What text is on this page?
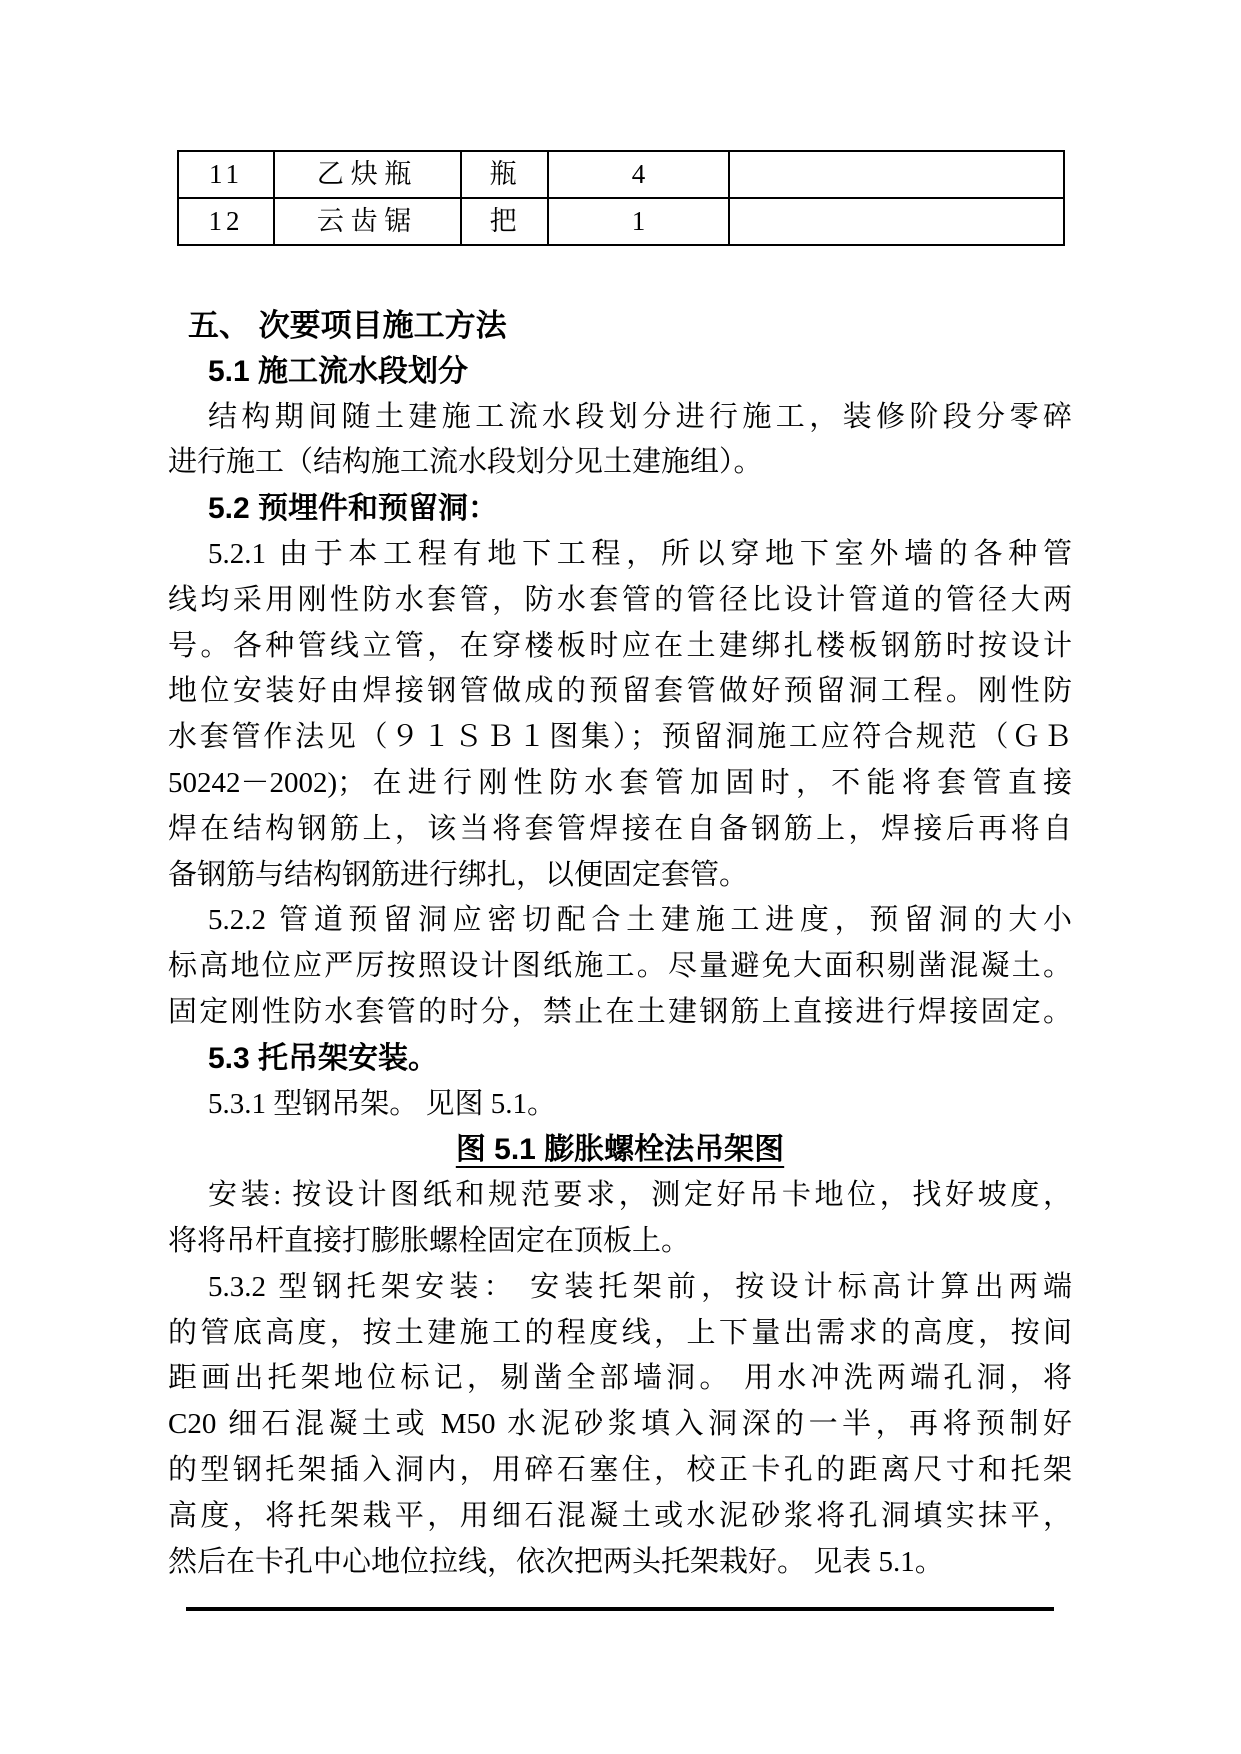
11	乙炔瓶	瓶	4	
12	云齿锯	把	1	
五、 次要项目施工方法
5.1 施工流水段划分
结构期间随土建施工流水段划分进行施工，装修阶段分零碎
进行施工（结构施工流水段划分见土建施组）。
5.2 预埋件和预留洞：
5.2.1 由于本工程有地下工程，所以穿地下室外墙的各种管
线均采用刚性防水套管，防水套管的管径比设计管道的管径大两
号。各种管线立管，在穿楼板时应在土建绑扎楼板钢筋时按设计
地位安装好由焊接钢管做成的预留套管做好预留洞工程。刚性防
水套管作法见（９１ＳＢ１图集）；预留洞施工应符合规范（ＧＢ
50242－2002)；在进行刚性防水套管加固时，不能将套管直接
焊在结构钢筋上，该当将套管焊接在自备钢筋上，焊接后再将自
备钢筋与结构钢筋进行绑扎，以便固定套管。
5.2.2 管道预留洞应密切配合土建施工进度，预留洞的大小
标高地位应严厉按照设计图纸施工。尽量避免大面积剔凿混凝土。
固定刚性防水套管的时分，禁止在土建钢筋上直接进行焊接固定。
5.3 托吊架安装。
5.3.1 型钢吊架。 见图 5.1。
图 5.1 膨胀螺栓法吊架图
安装: 按设计图纸和规范要求，测定好吊卡地位，找好坡度，
将将吊杆直接打膨胀螺栓固定在顶板上。
5.3.2 型钢托架安装： 安装托架前，按设计标高计算出两端
的管底高度，按土建施工的程度线，上下量出需求的高度，按间
距画出托架地位标记，剔凿全部墙洞。 用水冲洗两端孔洞，将
C20 细石混凝土或 M50 水泥砂浆填入洞深的一半，再将预制好
的型钢托架插入洞内，用碎石塞住，校正卡孔的距离尺寸和托架
高度，将托架栽平，用细石混凝土或水泥砂浆将孔洞填实抹平，
然后在卡孔中心地位拉线，依次把两头托架栽好。 见表 5.1。
